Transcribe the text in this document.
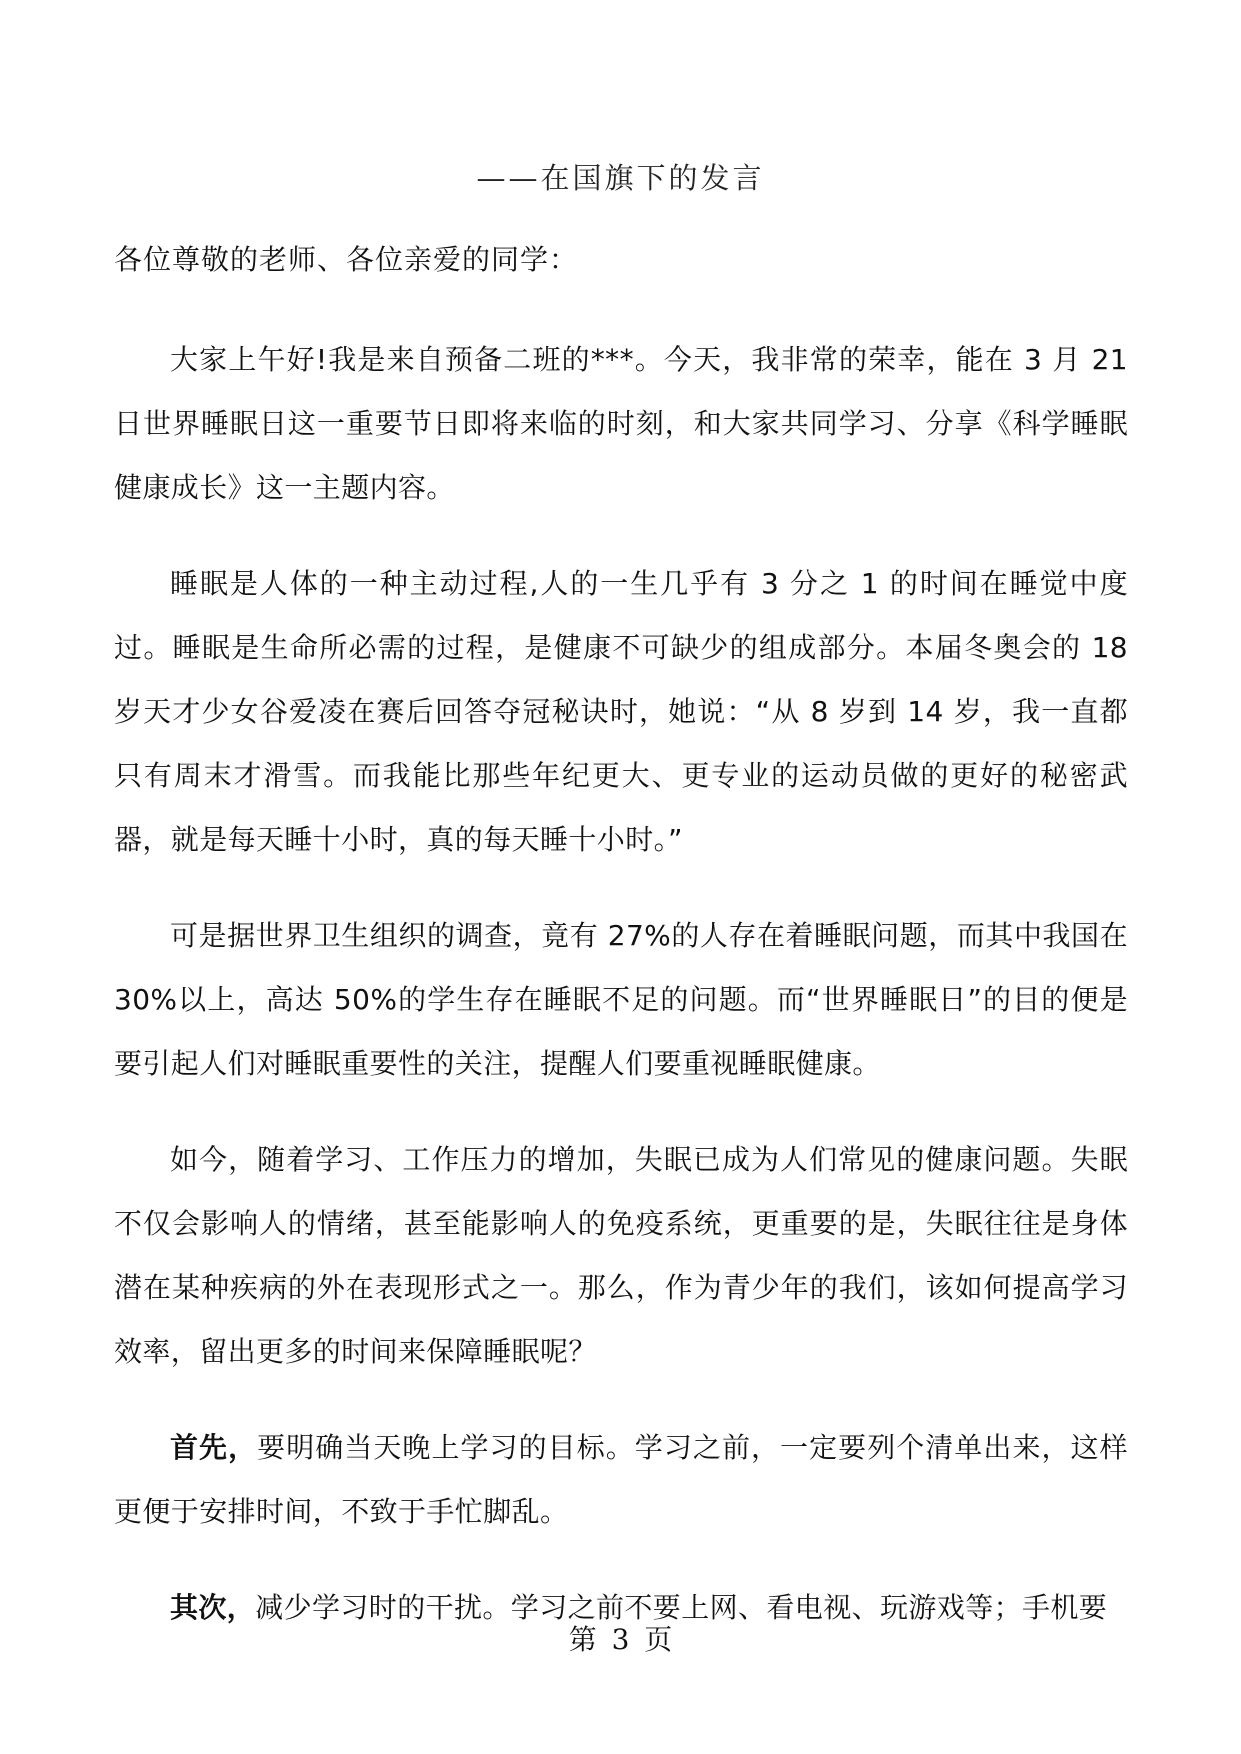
——在国旗下的发言
各位尊敬的老师、各位亲爱的同学：

大家上午好!我是来自预备二班的***。今天，我非常的荣幸，能在 3 月 21 日世界睡眠日这一重要节日即将来临的时刻，和大家共同学习、分享《科学睡眠健康成长》这一主题内容。

睡眠是人体的一种主动过程,人的一生几乎有 3 分之 1 的时间在睡觉中度过。睡眠是生命所必需的过程，是健康不可缺少的组成部分。本届冬奥会的 18 岁天才少女谷爱凌在赛后回答夺冠秘诀时，她说：“从 8 岁到 14 岁，我一直都只有周末才滑雪。而我能比那些年纪更大、更专业的运动员做的更好的秘密武器，就是每天睡十小时，真的每天睡十小时。”

可是据世界卫生组织的调查，竟有 27%的人存在着睡眠问题，而其中我国在 30%以上，高达 50%的学生存在睡眠不足的问题。而“世界睡眠日”的目的便是要引起人们对睡眠重要性的关注，提醒人们要重视睡眠健康。

如今，随着学习、工作压力的增加，失眠已成为人们常见的健康问题。失眠不仅会影响人的情绪，甚至能影响人的免疫系统，更重要的是，失眠往往是身体潜在某种疾病的外在表现形式之一。那么，作为青少年的我们，该如何提高学习效率，留出更多的时间来保障睡眠呢？

首先，要明确当天晚上学习的目标。学习之前，一定要列个清单出来，这样更便于安排时间，不致于手忙脚乱。

其次，减少学习时的干扰。学习之前不要上网、看电视、玩游戏等；手机要

第 3 页
